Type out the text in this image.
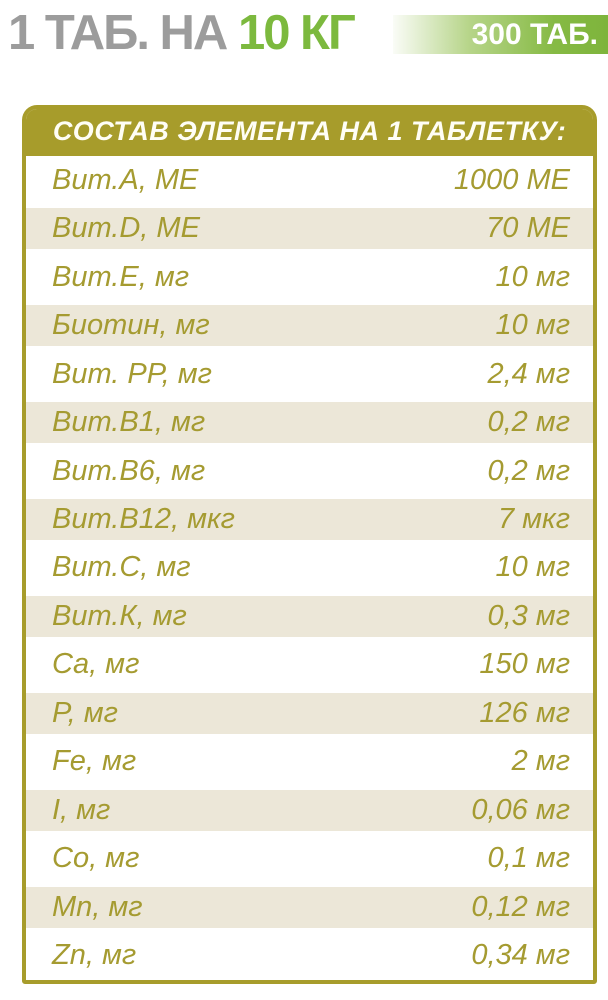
1 ТАБ. НА 10 КГ	300 ТАБ.
СОСТАВ ЭЛЕМЕНТА НА 1 ТАБЛЕТКУ:
Вит.А, МЕ	1000 МЕ
Вит.D, МЕ	70 МЕ
Вит.Е, мг	10 мг
Биотин, мг	10 мг
Вит. РР, мг	2,4 мг
Вит.В1, мг	0,2 мг
Вит.В6, мг	0,2 мг
Вит.В12, мкг	7 мкг
Вит.С, мг	10 мг
Вит.К, мг	0,3 мг
Ca, мг	150 мг
P, мг	126 мг
Fe, мг	2 мг
I, мг	0,06 мг
Co, мг	0,1 мг
Mn, мг	0,12 мг
Zn, мг	0,34 мг
